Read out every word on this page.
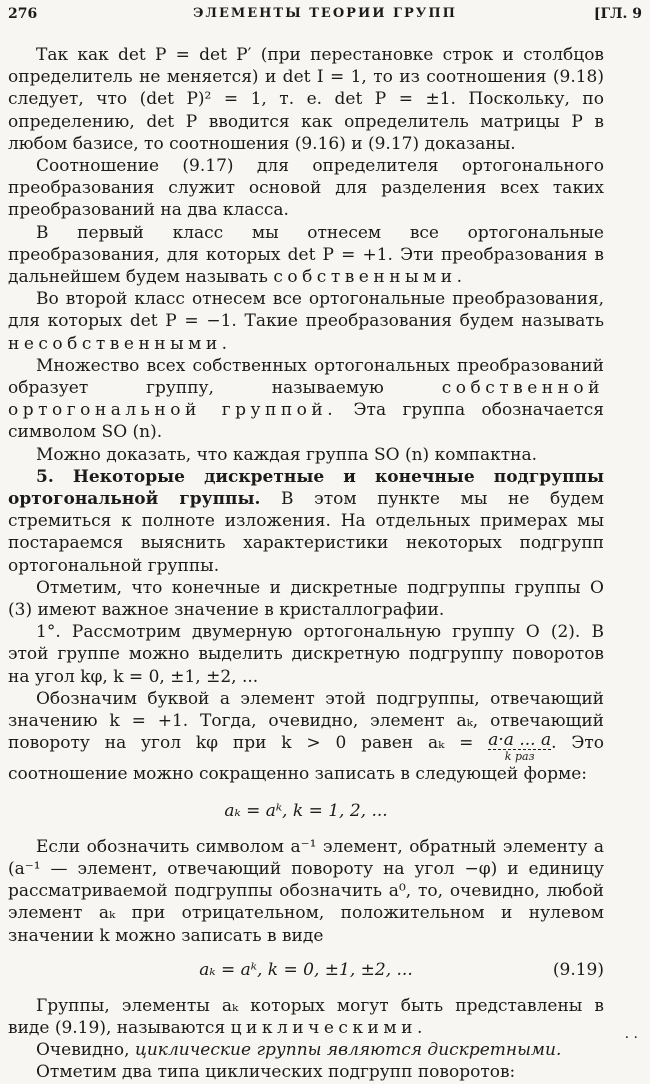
276	ЭЛЕМЕНТЫ ТЕОРИИ ГРУПП	[ГЛ. 9

Так как det P = det P′ (при перестановке строк и столбцов определитель не меняется) и det I = 1, то из соотношения (9.18) следует, что (det P)² = 1, т. е. det P = ±1. Поскольку, по определению, det P вводится как определитель матрицы P в любом базисе, то соотношения (9.16) и (9.17) доказаны.

Соотношение (9.17) для определителя ортогонального преобразования служит основой для разделения всех таких преобразований на два класса.

В первый класс мы отнесем все ортогональные преобразования, для которых det P = +1. Эти преобразования в дальнейшем будем называть собственными.

Во второй класс отнесем все ортогональные преобразования, для которых det P = −1. Такие преобразования будем называть несобственными.

Множество всех собственных ортогональных преобразований образует группу, называемую собственной ортогональной группой. Эта группа обозначается символом SO (n).

Можно доказать, что каждая группа SO (n) компактна.

5. Некоторые дискретные и конечные подгруппы ортогональной группы. В этом пункте мы не будем стремиться к полноте изложения. На отдельных примерах мы постараемся выяснить характеристики некоторых подгрупп ортогональной группы.

Отметим, что конечные и дискретные подгруппы группы O (3) имеют важное значение в кристаллографии.

1°. Рассмотрим двумерную ортогональную группу O (2). В этой группе можно выделить дискретную подгруппу поворотов на угол kφ, k = 0, ±1, ±2, ...

Обозначим буквой a элемент этой подгруппы, отвечающий значению k = +1. Тогда, очевидно, элемент aₖ, отвечающий повороту на угол kφ при k > 0 равен aₖ = a·a ... a
k раз
. Это соотношение можно сокращенно записать в следующей форме:

aₖ = aᵏ, k = 1, 2, ...

Если обозначить символом a⁻¹ элемент, обратный элементу a (a⁻¹ — элемент, отвечающий повороту на угол −φ) и единицу рассматриваемой подгруппы обозначить a⁰, то, очевидно, любой элемент aₖ при отрицательном, положительном и нулевом значении k можно записать в виде

aₖ = aᵏ, k = 0, ±1, ±2, ...	(9.19)

Группы, элементы aₖ которых могут быть представлены в виде (9.19), называются циклическими.

Очевидно, циклические группы являются дискретными.

Отметим два типа циклических подгрупп поворотов:

. .
